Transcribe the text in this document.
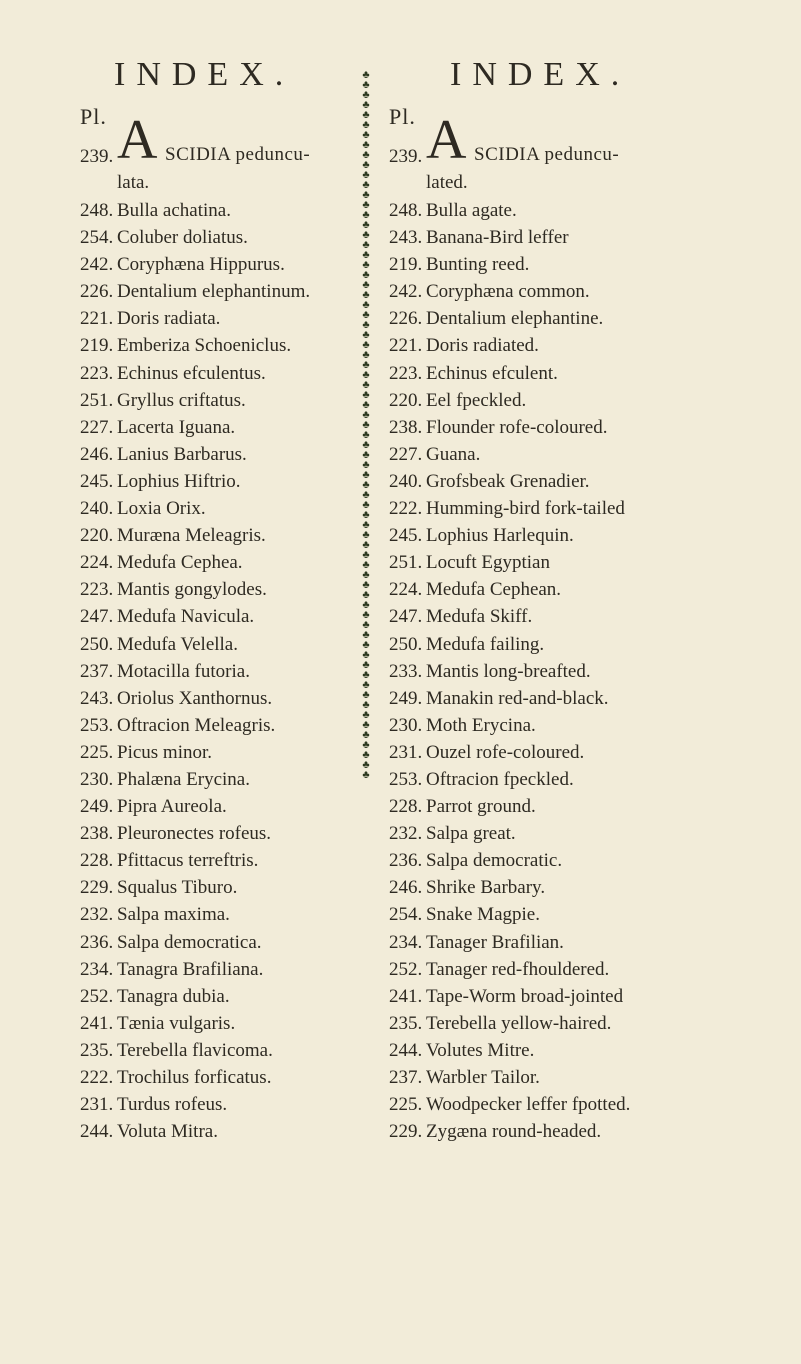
INDEX.
Pl.
239. A SCIDIA peduncu-
lata.
248. Bulla achatina.
254. Coluber doliatus.
242. Coryphæna Hippurus.
226. Dentalium elephantinum.
221. Doris radiata.
219. Emberiza Schoeniclus.
223. Echinus efculentus.
251. Gryllus criftatus.
227. Lacerta Iguana.
246. Lanius Barbarus.
245. Lophius Hiftrio.
240. Loxia Orix.
220. Muræna Meleagris.
224. Medufa Cephea.
223. Mantis gongylodes.
247. Medufa Navicula.
250. Medufa Velella.
237. Motacilla futoria.
243. Oriolus Xanthornus.
253. Oftracion Meleagris.
225. Picus minor.
230. Phalæna Erycina.
249. Pipra Aureola.
238. Pleuronectes rofeus.
228. Pfittacus terreftris.
229. Squalus Tiburo.
232. Salpa maxima.
236. Salpa democratica.
234. Tanagra Brafiliana.
252. Tanagra dubia.
241. Tænia vulgaris.
235. Terebella flavicoma.
222. Trochilus forficatus.
231. Turdus rofeus.
244. Voluta Mitra.
♣
♣
♣
♣
♣
♣
♣
♣
♣
♣
♣
♣
♣
♣
♣
♣
♣
♣
♣
♣
♣
♣
♣
♣
♣
♣
♣
♣
♣
♣
♣
♣
♣
♣
♣
♣
♣
♣
♣
♣
♣
♣
♣
♣
♣
♣
♣
♣
♣
♣
♣
♣
♣
♣
♣
♣
♣
♣
♣
♣
♣
♣
♣
♣
♣
♣
♣
♣
♣
♣
♣
INDEX.
Pl.
239. A SCIDIA peduncu-
lated.
248. Bulla agate.
243. Banana-Bird leffer
219. Bunting reed.
242. Coryphæna common.
226. Dentalium elephantine.
221. Doris radiated.
223. Echinus efculent.
220. Eel fpeckled.
238. Flounder rofe-coloured.
227. Guana.
240. Grofsbeak Grenadier.
222. Humming-bird fork-tailed
245. Lophius Harlequin.
251. Locuft Egyptian
224. Medufa Cephean.
247. Medufa Skiff.
250. Medufa failing.
233. Mantis long-breafted.
249. Manakin red-and-black.
230. Moth Erycina.
231. Ouzel rofe-coloured.
253. Oftracion fpeckled.
228. Parrot ground.
232. Salpa great.
236. Salpa democratic.
246. Shrike Barbary.
254. Snake Magpie.
234. Tanager Brafilian.
252. Tanager red-fhouldered.
241. Tape-Worm broad-jointed
235. Terebella yellow-haired.
244. Volutes Mitre.
237. Warbler Tailor.
225. Woodpecker leffer fpotted.
229. Zygæna round-headed.
